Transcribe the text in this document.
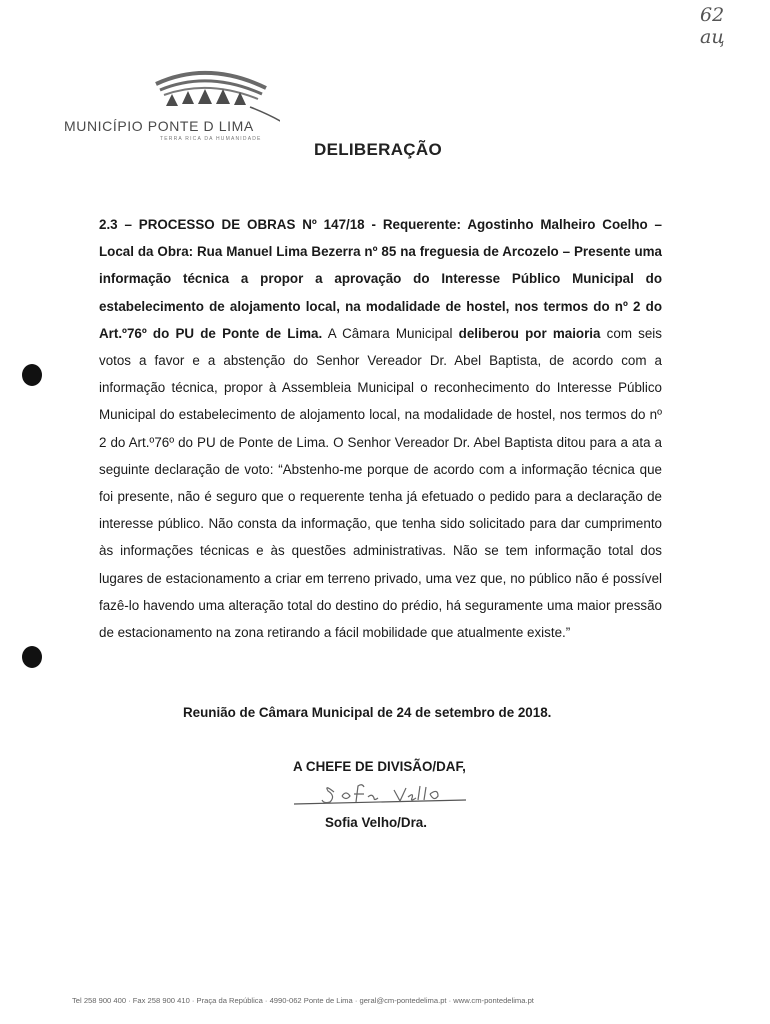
62
aц
MUNICÍPIO PONTE D LIMA
TERRA RICA DA HUMANIDADE
DELIBERAÇÃO
2.3 – PROCESSO DE OBRAS Nº 147/18 - Requerente: Agostinho Malheiro Coelho – Local da Obra: Rua Manuel Lima Bezerra nº 85 na freguesia de Arcozelo – Presente uma informação técnica a propor a aprovação do Interesse Público Municipal do estabelecimento de alojamento local, na modalidade de hostel, nos termos do nº 2 do Art.º76º do PU de Ponte de Lima. A Câmara Municipal deliberou por maioria com seis votos a favor e a abstenção do Senhor Vereador Dr. Abel Baptista, de acordo com a informação técnica, propor à Assembleia Municipal o reconhecimento do Interesse Público Municipal do estabelecimento de alojamento local, na modalidade de hostel, nos termos do nº 2 do Art.º76º do PU de Ponte de Lima. O Senhor Vereador Dr. Abel Baptista ditou para a ata a seguinte declaração de voto: “Abstenho-me porque de acordo com a informação técnica que foi presente, não é seguro que o requerente tenha já efetuado o pedido para a declaração de interesse público. Não consta da informação, que tenha sido solicitado para dar cumprimento às informações técnicas e às questões administrativas. Não se tem informação total dos lugares de estacionamento a criar em terreno privado, uma vez que, no público não é possível fazê-lo havendo uma alteração total do destino do prédio, há seguramente uma maior pressão de estacionamento na zona retirando a fácil mobilidade que atualmente existe.”
Reunião de Câmara Municipal de 24 de setembro de 2018.
A CHEFE DE DIVISÃO/DAF,
Sofia Velho/Dra.
Tel 258 900 400 · Fax 258 900 410 · Praça da República · 4990-062 Ponte de Lima · geral@cm-pontedelima.pt · www.cm-pontedelima.pt
